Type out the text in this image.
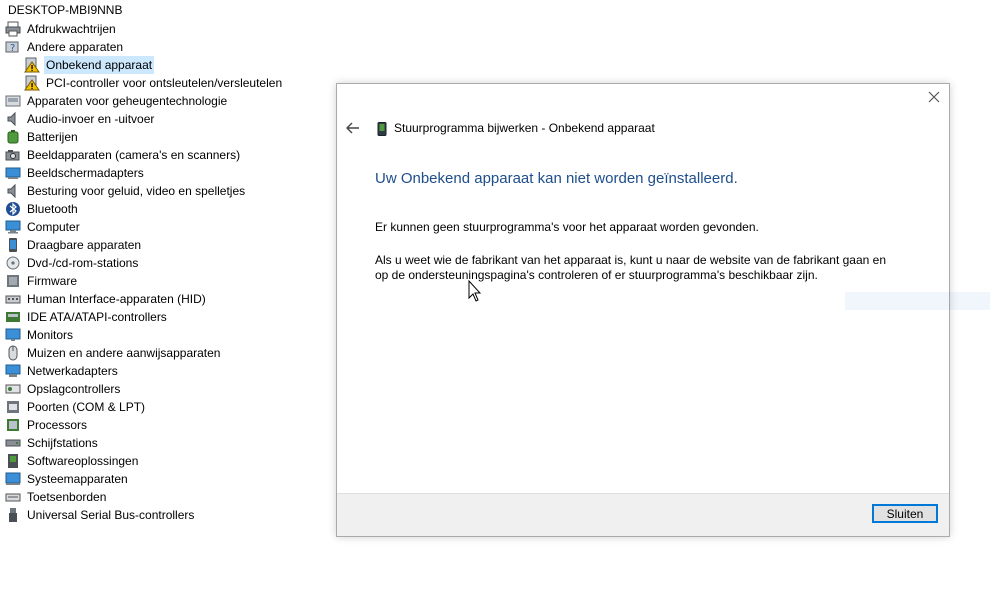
DESKTOP-MBI9NNB
Afdrukwachtrijen
? Andere apparaten
Onbekend apparaat
PCI-controller voor ontsleutelen/versleutelen
Apparaten voor geheugentechnologie
Audio-invoer en -uitvoer
Batterijen
Beeldapparaten (camera's en scanners)
Beeldschermadapters
Besturing voor geluid, video en spelletjes
Bluetooth
Computer
Draagbare apparaten
Dvd-/cd-rom-stations
Firmware
Human Interface-apparaten (HID)
IDE ATA/ATAPI-controllers
Monitors
Muizen en andere aanwijsapparaten
Netwerkadapters
Opslagcontrollers
Poorten (COM & LPT)
Processors
Schijfstations
Softwareoplossingen
Systeemapparaten
Toetsenborden
Universal Serial Bus-controllers
Stuurprogramma bijwerken - Onbekend apparaat
Uw Onbekend apparaat kan niet worden geïnstalleerd.
Er kunnen geen stuurprogramma's voor het apparaat worden gevonden.
Als u weet wie de fabrikant van het apparaat is, kunt u naar de website van de fabrikant gaan en op de ondersteuningspagina's controleren of er stuurprogramma's beschikbaar zijn.
Sluiten
